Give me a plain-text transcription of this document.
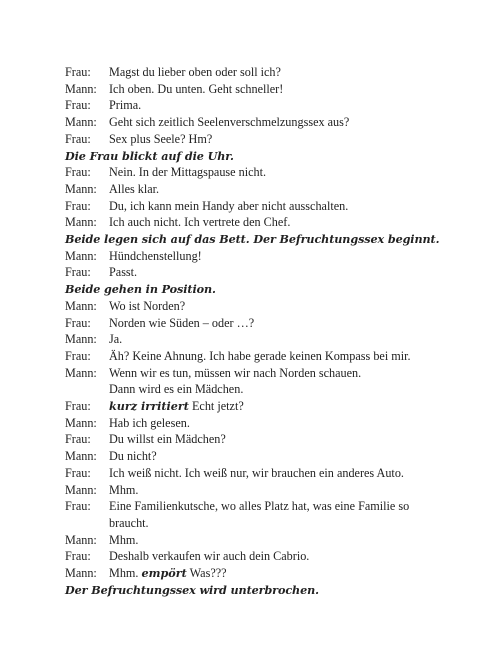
Frau:	Magst du lieber oben oder soll ich?
Mann: Ich oben. Du unten. Geht schneller!
Frau:	Prima.
Mann: Geht sich zeitlich Seelenverschmelzungssex aus?
Frau:	Sex plus Seele? Hm?
Die Frau blickt auf die Uhr.
Frau:	Nein. In der Mittagspause nicht.
Mann: Alles klar.
Frau:	Du, ich kann mein Handy aber nicht ausschalten.
Mann: Ich auch nicht. Ich vertrete den Chef.
Beide legen sich auf das Bett. Der Befruchtungssex beginnt.
Mann: Hündchenstellung!
Frau:	Passt.
Beide gehen in Position.
Mann: Wo ist Norden?
Frau:	Norden wie Süden – oder …?
Mann: Ja.
Frau:	Äh? Keine Ahnung. Ich habe gerade keinen Kompass bei mir.
Mann: Wenn wir es tun, müssen wir nach Norden schauen.
Dann wird es ein Mädchen.
Frau:	kurz irritiert Echt jetzt?
Mann: Hab ich gelesen.
Frau:	Du willst ein Mädchen?
Mann: Du nicht?
Frau:	Ich weiß nicht. Ich weiß nur, wir brauchen ein anderes Auto.
Mann: Mhm.
Frau:	Eine Familienkutsche, wo alles Platz hat, was eine Familie so
braucht.
Mann: Mhm.
Frau:	Deshalb verkaufen wir auch dein Cabrio.
Mann: Mhm. empört Was???
Der Befruchtungssex wird unterbrochen.
